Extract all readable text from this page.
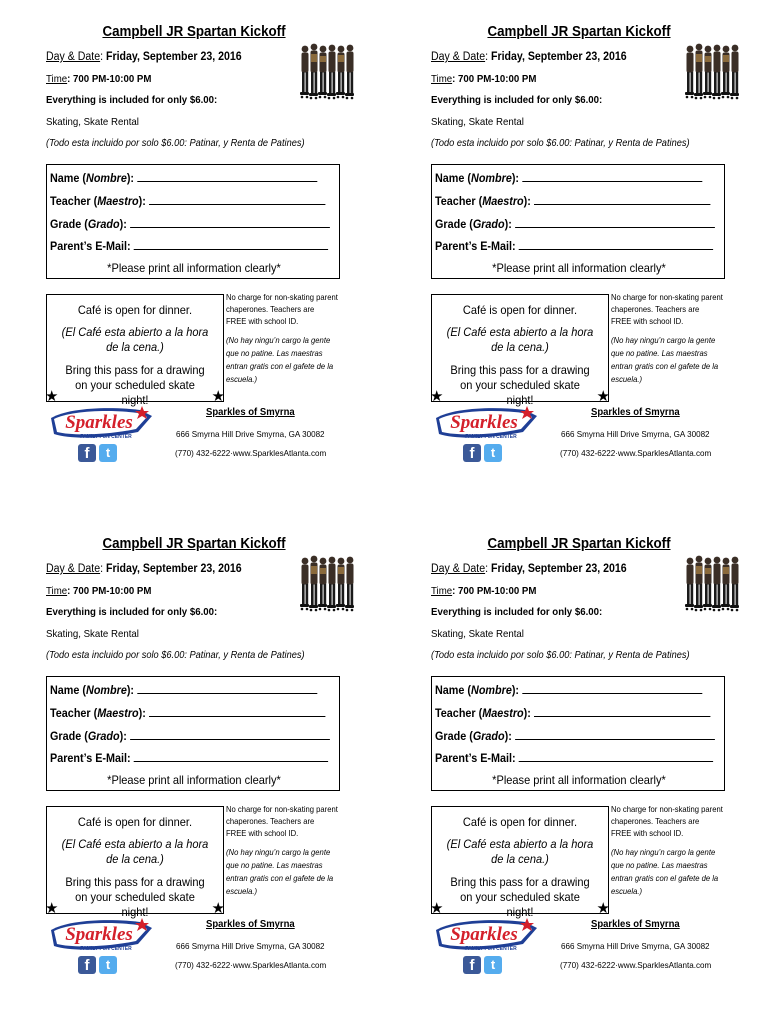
Campbell JR Spartan Kickoff
Day & Date: Friday, September 23, 2016
Time: 700 PM-10:00 PM
Everything is included for only $6.00:
Skating, Skate Rental
(Todo esta incluido por solo $6.00: Patinar, y Renta de Patines)
Name (Nombre):
Teacher (Maestro):
Grade (Grado):
Parent’s E-Mail:
*Please print all information clearly*
Café is open for dinner.
(El Café esta abierto a la hora
de la cena.)
Bring this pass for a drawing
on your scheduled skate
night!
★	★
No charge for non-skating parent
chaperones. Teachers are
FREE with school ID.
(No hay ningu’n cargo la gente
que no patine. Las maestras
entran gratis con el gafete de la
escuela.)
Sparkles
FAMILY FUN CENTER
f	t
Sparkles of Smyrna
666 Smyrna Hill Drive Smyrna, GA 30082
(770) 432-6222·www.SparklesAtlanta.com
Campbell JR Spartan Kickoff
Day & Date: Friday, September 23, 2016
Time: 700 PM-10:00 PM
Everything is included for only $6.00:
Skating, Skate Rental
(Todo esta incluido por solo $6.00: Patinar, y Renta de Patines)
Name (Nombre):
Teacher (Maestro):
Grade (Grado):
Parent’s E-Mail:
*Please print all information clearly*
Café is open for dinner.
(El Café esta abierto a la hora
de la cena.)
Bring this pass for a drawing
on your scheduled skate
night!
★	★
No charge for non-skating parent
chaperones. Teachers are
FREE with school ID.
(No hay ningu’n cargo la gente
que no patine. Las maestras
entran gratis con el gafete de la
escuela.)
Sparkles
FAMILY FUN CENTER
f	t
Sparkles of Smyrna
666 Smyrna Hill Drive Smyrna, GA 30082
(770) 432-6222·www.SparklesAtlanta.com
Campbell JR Spartan Kickoff
Day & Date: Friday, September 23, 2016
Time: 700 PM-10:00 PM
Everything is included for only $6.00:
Skating, Skate Rental
(Todo esta incluido por solo $6.00: Patinar, y Renta de Patines)
Name (Nombre):
Teacher (Maestro):
Grade (Grado):
Parent’s E-Mail:
*Please print all information clearly*
Café is open for dinner.
(El Café esta abierto a la hora
de la cena.)
Bring this pass for a drawing
on your scheduled skate
night!
★	★
No charge for non-skating parent
chaperones. Teachers are
FREE with school ID.
(No hay ningu’n cargo la gente
que no patine. Las maestras
entran gratis con el gafete de la
escuela.)
Sparkles
FAMILY FUN CENTER
f	t
Sparkles of Smyrna
666 Smyrna Hill Drive Smyrna, GA 30082
(770) 432-6222·www.SparklesAtlanta.com
Campbell JR Spartan Kickoff
Day & Date: Friday, September 23, 2016
Time: 700 PM-10:00 PM
Everything is included for only $6.00:
Skating, Skate Rental
(Todo esta incluido por solo $6.00: Patinar, y Renta de Patines)
Name (Nombre):
Teacher (Maestro):
Grade (Grado):
Parent’s E-Mail:
*Please print all information clearly*
Café is open for dinner.
(El Café esta abierto a la hora
de la cena.)
Bring this pass for a drawing
on your scheduled skate
night!
★	★
No charge for non-skating parent
chaperones. Teachers are
FREE with school ID.
(No hay ningu’n cargo la gente
que no patine. Las maestras
entran gratis con el gafete de la
escuela.)
Sparkles
FAMILY FUN CENTER
f	t
Sparkles of Smyrna
666 Smyrna Hill Drive Smyrna, GA 30082
(770) 432-6222·www.SparklesAtlanta.com
